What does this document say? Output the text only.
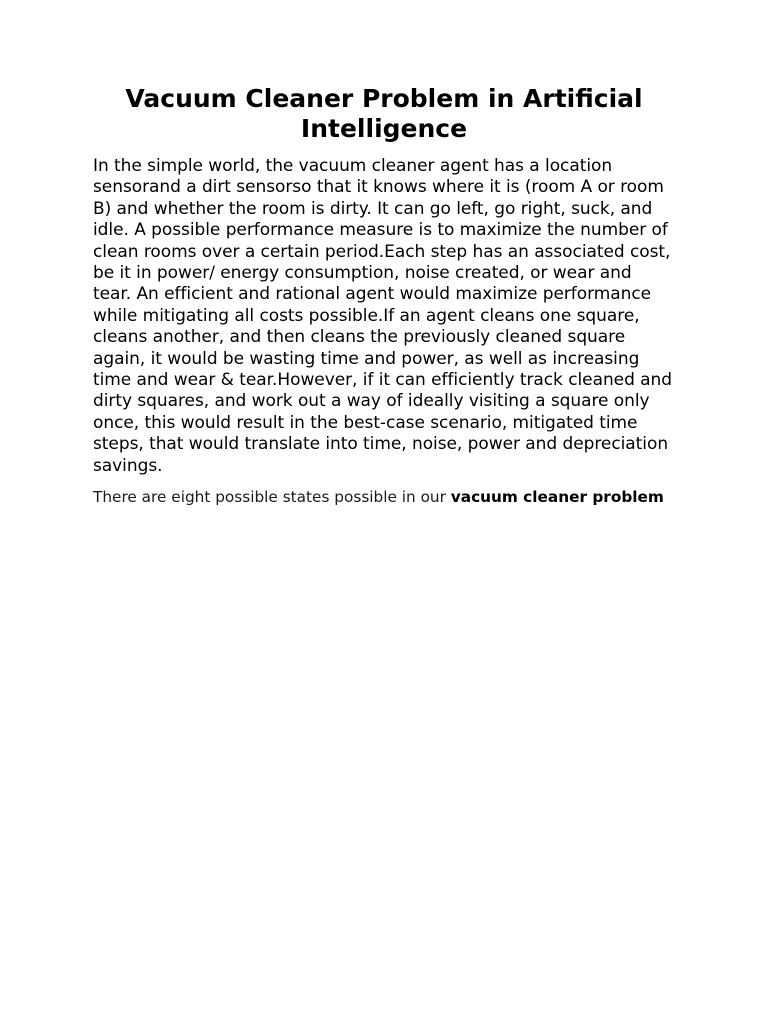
Vacuum Cleaner Problem in Artificial Intelligence

In the simple world, the vacuum cleaner agent has a location sensorand a dirt sensorso that it knows where it is (room A or room B) and whether the room is dirty. It can go left, go right, suck, and idle. A possible performance measure is to maximize the number of clean rooms over a certain period.Each step has an associated cost, be it in power/ energy consumption, noise created, or wear and tear. An efficient and rational agent would maximize performance while mitigating all costs possible.If an agent cleans one square, cleans another, and then cleans the previously cleaned square again, it would be wasting time and power, as well as increasing time and wear & tear.However, if it can efficiently track cleaned and dirty squares, and work out a way of ideally visiting a square only once, this would result in the best-case scenario, mitigated time steps, that would translate into time, noise, power and depreciation savings.

There are eight possible states possible in our vacuum cleaner problem
